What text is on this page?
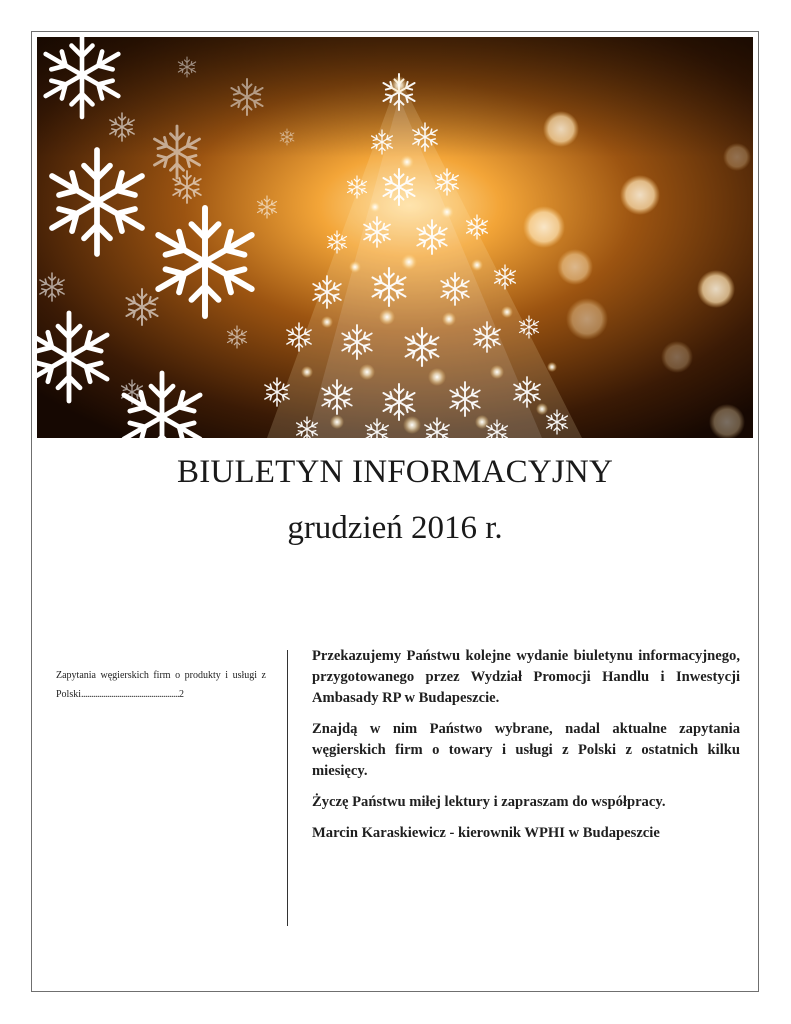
BIULETYN INFORMACYJNY
grudzień 2016 r.
Zapytania węgierskich firm o produkty i usługi z Polski.................................................2

Przekazujemy Państwu kolejne wydanie biuletynu informacyjnego, przygotowanego przez Wydział Promocji Handlu i Inwestycji Ambasady RP w Budapeszcie.

Znajdą w nim Państwo wybrane, nadal aktualne zapytania węgierskich firm o towary i usługi z Polski z ostatnich kilku miesięcy.

Życzę Państwu miłej lektury i zapraszam do współpracy.

Marcin Karaskiewicz - kierownik WPHI w Budapeszcie
